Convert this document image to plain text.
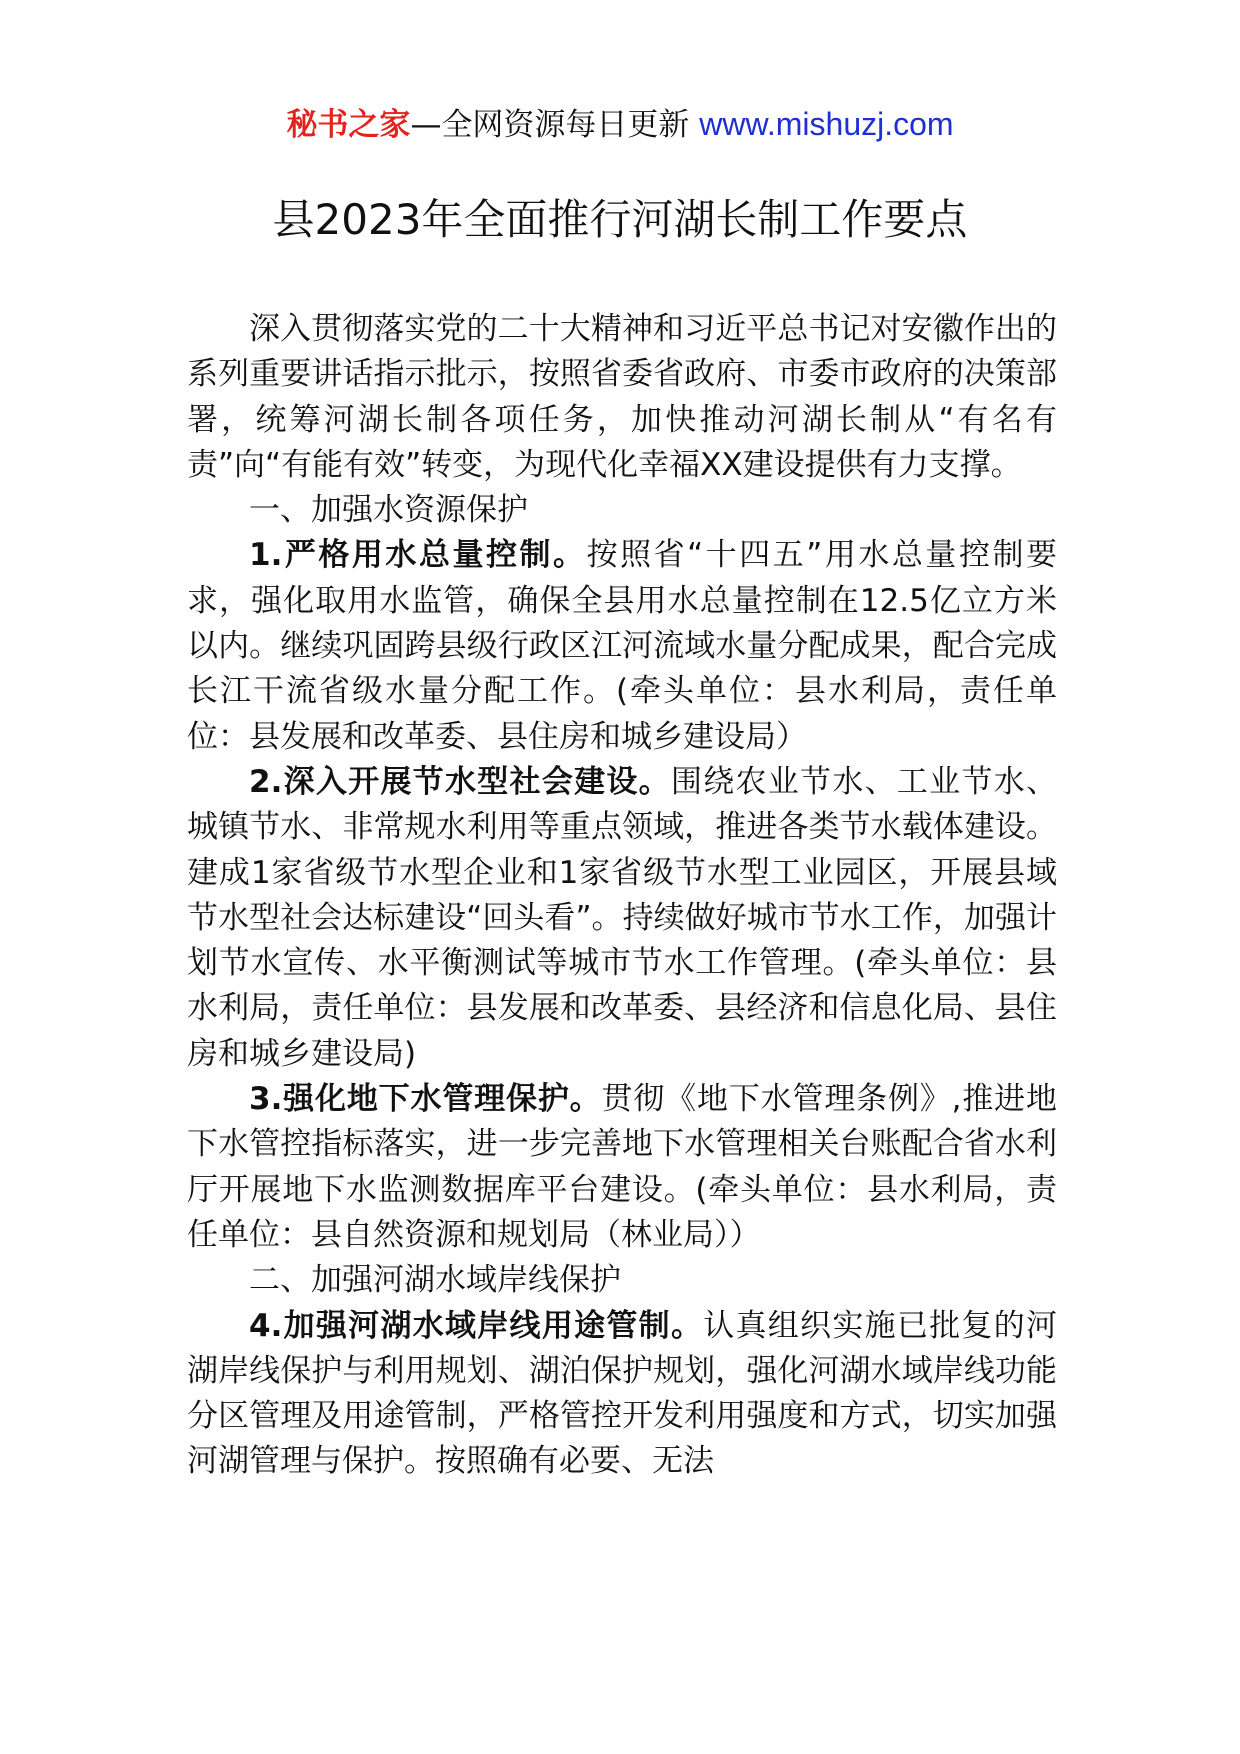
秘书之家—全网资源每日更新 www.mishuzj.com
县2023年全面推行河湖长制工作要点

深入贯彻落实党的二十大精神和习近平总书记对安徽作出的系列重要讲话指示批示，按照省委省政府、市委市政府的决策部署，统筹河湖长制各项任务，加快推动河湖长制从“有名有责”向“有能有效”转变，为现代化幸福XX建设提供有力支撑。

一、加强水资源保护

1.严格用水总量控制。按照省“十四五”用水总量控制要求，强化取用水监管，确保全县用水总量控制在12.5亿立方米以内。继续巩固跨县级行政区江河流域水量分配成果，配合完成长江干流省级水量分配工作。(牵头单位：县水利局，责任单位：县发展和改革委、县住房和城乡建设局）

2.深入开展节水型社会建设。围绕农业节水、工业节水、城镇节水、非常规水利用等重点领域，推进各类节水载体建设。建成1家省级节水型企业和1家省级节水型工业园区，开展县域节水型社会达标建设“回头看”。持续做好城市节水工作，加强计划节水宣传、水平衡测试等城市节水工作管理。(牵头单位：县水利局，责任单位：县发展和改革委、县经济和信息化局、县住房和城乡建设局)

3.强化地下水管理保护。贯彻《地下水管理条例》,推进地下水管控指标落实，进一步完善地下水管理相关台账配合省水利厅开展地下水监测数据库平台建设。(牵头单位：县水利局，责任单位：县自然资源和规划局（林业局））

二、加强河湖水域岸线保护

4.加强河湖水域岸线用途管制。认真组织实施已批复的河湖岸线保护与利用规划、湖泊保护规划，强化河湖水域岸线功能分区管理及用途管制，严格管控开发利用强度和方式，切实加强河湖管理与保护。按照确有必要、无法
